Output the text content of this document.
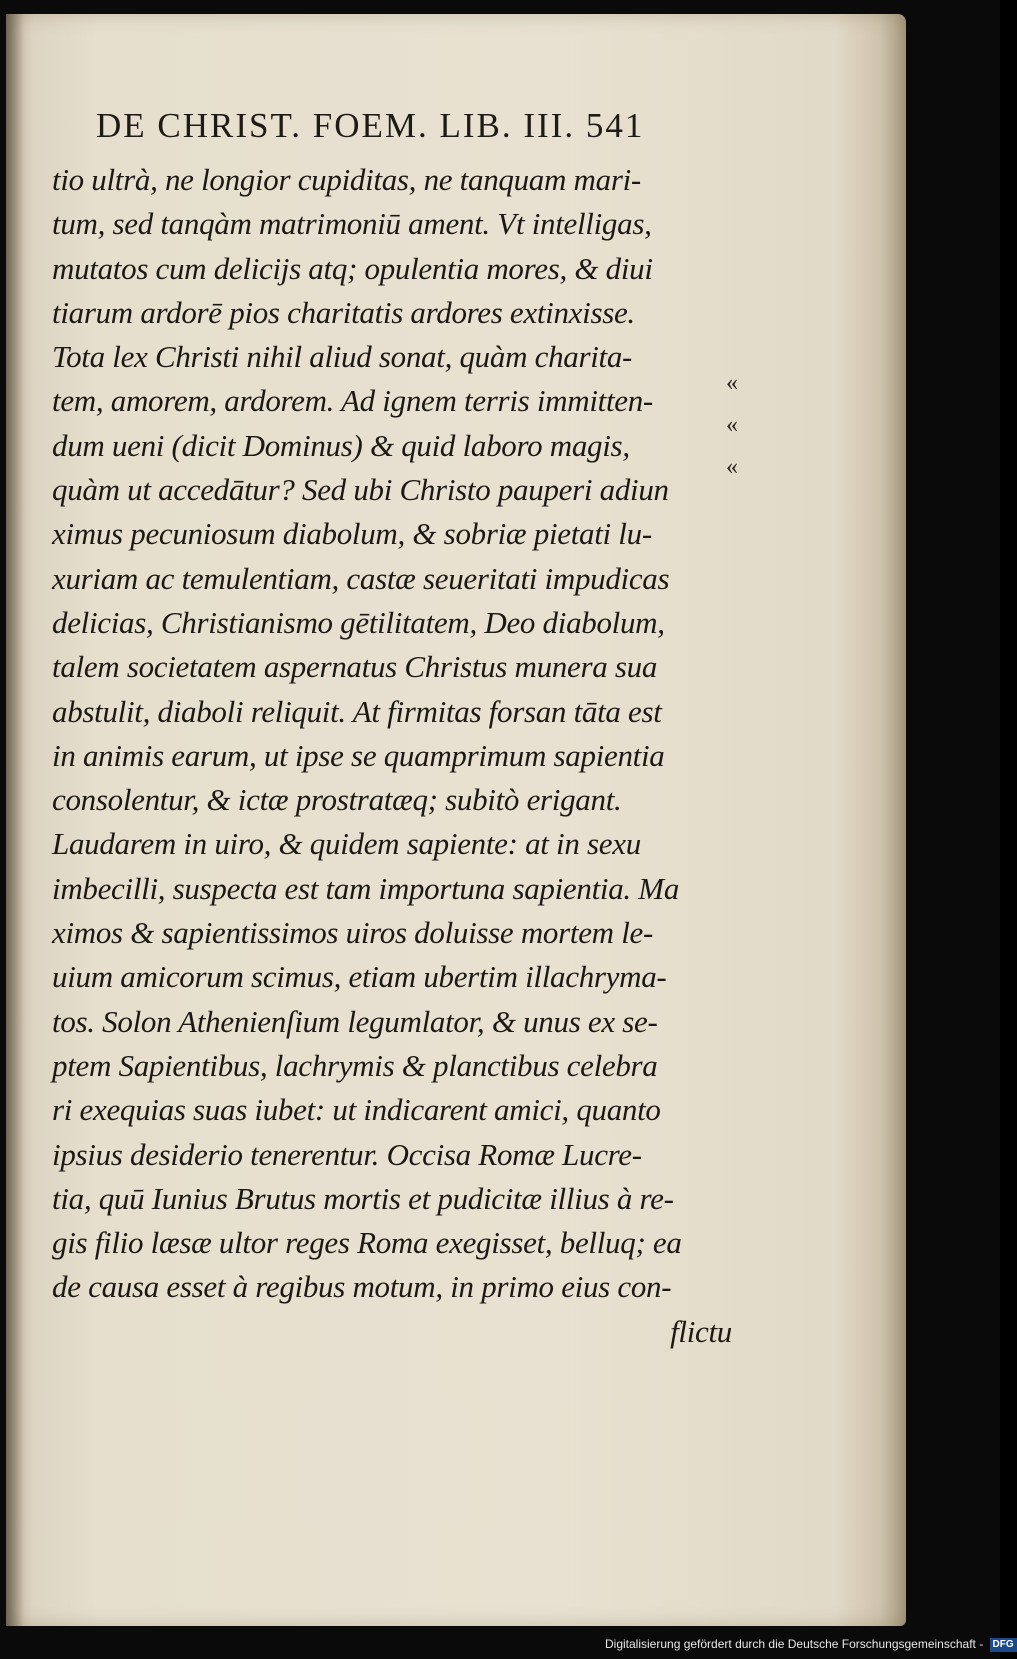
DE CHRIST. FOEM. LIB. III. 541
tio ultrà, ne longior cupiditas, ne tanquam mari-
tum, sed tanqàm matrimoniū ament. Vt intelligas,
mutatos cum delicijs atq; opulentia mores, & diui
tiarum ardorē pios charitatis ardores extinxisse.
Tota lex Christi nihil aliud sonat, quàm charita-
tem, amorem, ardorem. Ad ignem terris immitten-
dum ueni (dicit Dominus) & quid laboro magis,
quàm ut accedātur? Sed ubi Christo pauperi adiun
ximus pecuniosum diabolum, & sobriæ pietati lu-
xuriam ac temulentiam, castæ seueritati impudicas
delicias, Christianismo gētilitatem, Deo diabolum,
talem societatem aspernatus Christus munera sua
abstulit, diaboli reliquit. At firmitas forsan tāta est
in animis earum, ut ipse se quamprimum sapientia
consolentur, & ictæ prostratæq; subitò erigant.
Laudarem in uiro, & quidem sapiente: at in sexu
imbecilli, suspecta est tam importuna sapientia. Ma
ximos & sapientissimos uiros doluisse mortem le-
uium amicorum scimus, etiam ubertim illachryma-
tos. Solon Athenienſium legumlator, & unus ex se-
ptem Sapientibus, lachrymis & planctibus celebra
ri exequias suas iubet: ut indicarent amici, quanto
ipsius desiderio tenerentur. Occisa Romæ Lucre-
tia, quū Iunius Brutus mortis et pudicitæ illius à re-
gis filio læsæ ultor reges Roma exegisset, belluq; ea
de causa esset à regibus motum, in primo eius con-
flictu
«
«
«
Digitalisierung gefördert durch die Deutsche Forschungsgemeinschaft - DFG
